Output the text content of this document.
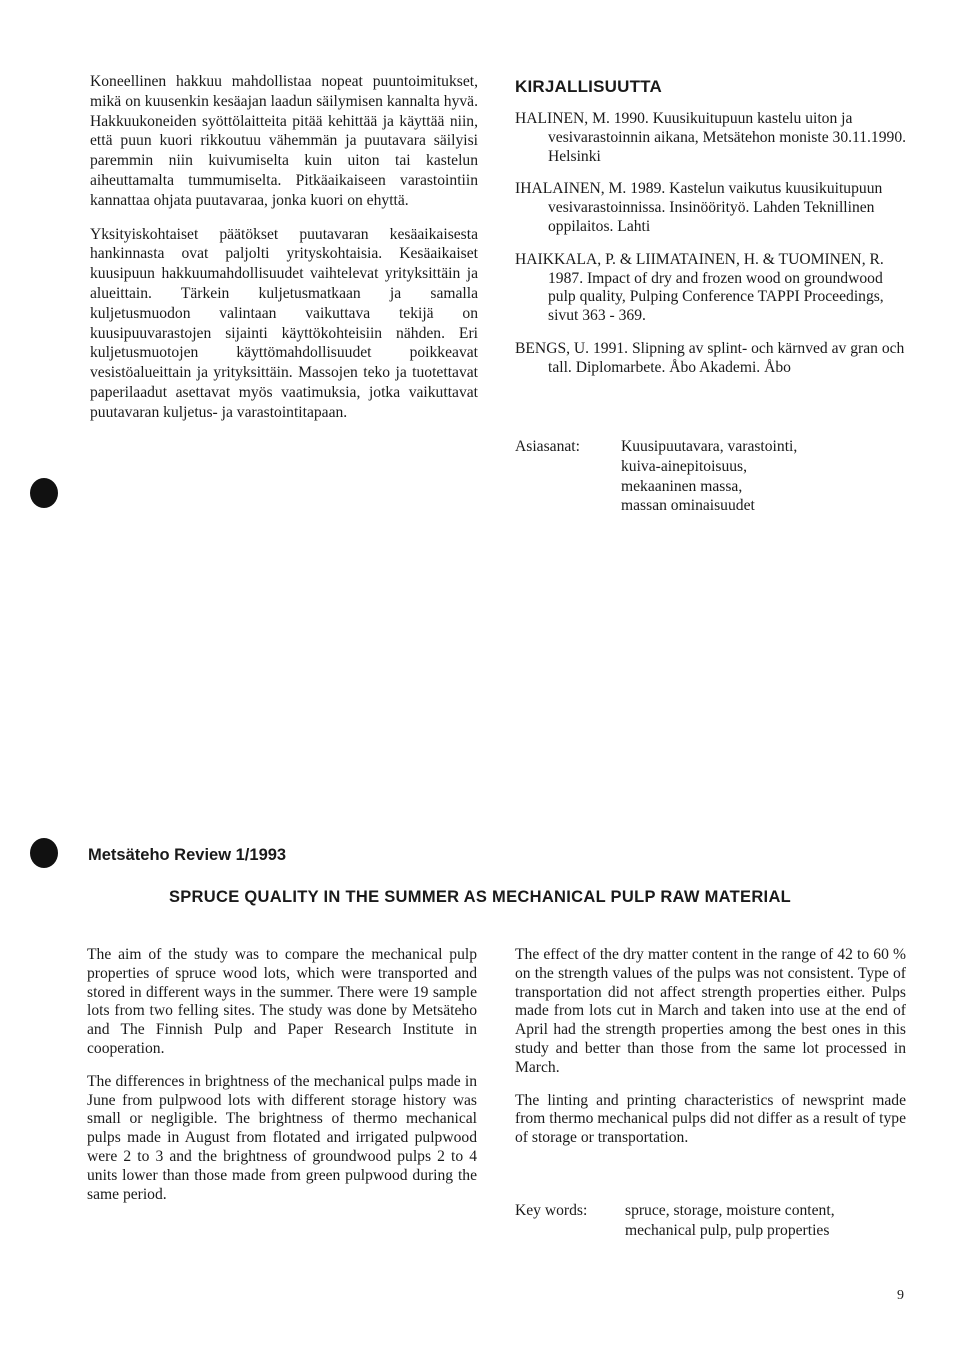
Koneellinen hakkuu mahdollistaa nopeat puuntoimitukset, mikä on kuusenkin kesäajan laadun säilymisen kannalta hyvä. Hakkuukoneiden syöttölaitteita pitää kehittää ja käyttää niin, että puun kuori rikkoutuu vähemmän ja puutavara säilyisi paremmin niin kuivumiselta kuin uiton tai kastelun aiheuttamalta tummumiselta. Pitkäaikaiseen varastointiin kannattaa ohjata puutavaraa, jonka kuori on ehyttä.

Yksityiskohtaiset päätökset puutavaran kesäaikaisesta hankinnasta ovat paljolti yrityskohtaisia. Kesäaikaiset kuusipuun hakkuumahdollisuudet vaihtelevat yrityksittäin ja alueittain. Tärkein kuljetusmatkaan ja samalla kuljetusmuodon valintaan vaikuttava tekijä on kuusipuuvarastojen sijainti käyttökohteisiin nähden. Eri kuljetusmuotojen käyttömahdollisuudet poikkeavat vesistöalueittain ja yrityksittäin. Massojen teko ja tuotettavat paperilaadut asettavat myös vaatimuksia, jotka vaikuttavat puutavaran kuljetus- ja varastointitapaan.

KIRJALLISUUTTA

HALINEN, M. 1990. Kuusikuitupuun kastelu uiton ja vesivarastoinnin aikana, Metsätehon moniste 30.11.1990. Helsinki

IHALAINEN, M. 1989. Kastelun vaikutus kuusikuitupuun vesivarastoinnissa. Insinöörityö. Lahden Teknillinen oppilaitos. Lahti

HAIKKALA, P. & LIIMATAINEN, H. & TUOMINEN, R. 1987. Impact of dry and frozen wood on groundwood pulp quality, Pulping Conference TAPPI Proceedings, sivut 363 - 369.

BENGS, U. 1991. Slipning av splint- och kärnved av gran och tall. Diplomarbete. Åbo Akademi. Åbo

Asiasanat:	Kuusipuutavara, varastointi,
kuiva-ainepitoisuus,
mekaaninen massa,
massan ominaisuudet
Metsäteho Review 1/1993
SPRUCE QUALITY IN THE SUMMER AS MECHANICAL PULP RAW MATERIAL

The aim of the study was to compare the mechanical pulp properties of spruce wood lots, which were transported and stored in different ways in the summer. There were 19 sample lots from two felling sites. The study was done by Metsäteho and The Finnish Pulp and Paper Research Institute in cooperation.

The differences in brightness of the mechanical pulps made in June from pulpwood lots with different storage history was small or negligible. The brightness of thermo mechanical pulps made in August from flotated and irrigated pulpwood were 2 to 3 and the brightness of groundwood pulps 2 to 4 units lower than those made from green pulpwood during the same period.

The effect of the dry matter content in the range of 42 to 60 % on the strength values of the pulps was not consistent. Type of transportation did not affect strength properties either. Pulps made from lots cut in March and taken into use at the end of April had the strength properties among the best ones in this study and better than those from the same lot processed in March.

The linting and printing characteristics of newsprint made from thermo mechanical pulps did not differ as a result of type of storage or transportation.

Key words:	spruce, storage, moisture content,
mechanical pulp, pulp properties
9
